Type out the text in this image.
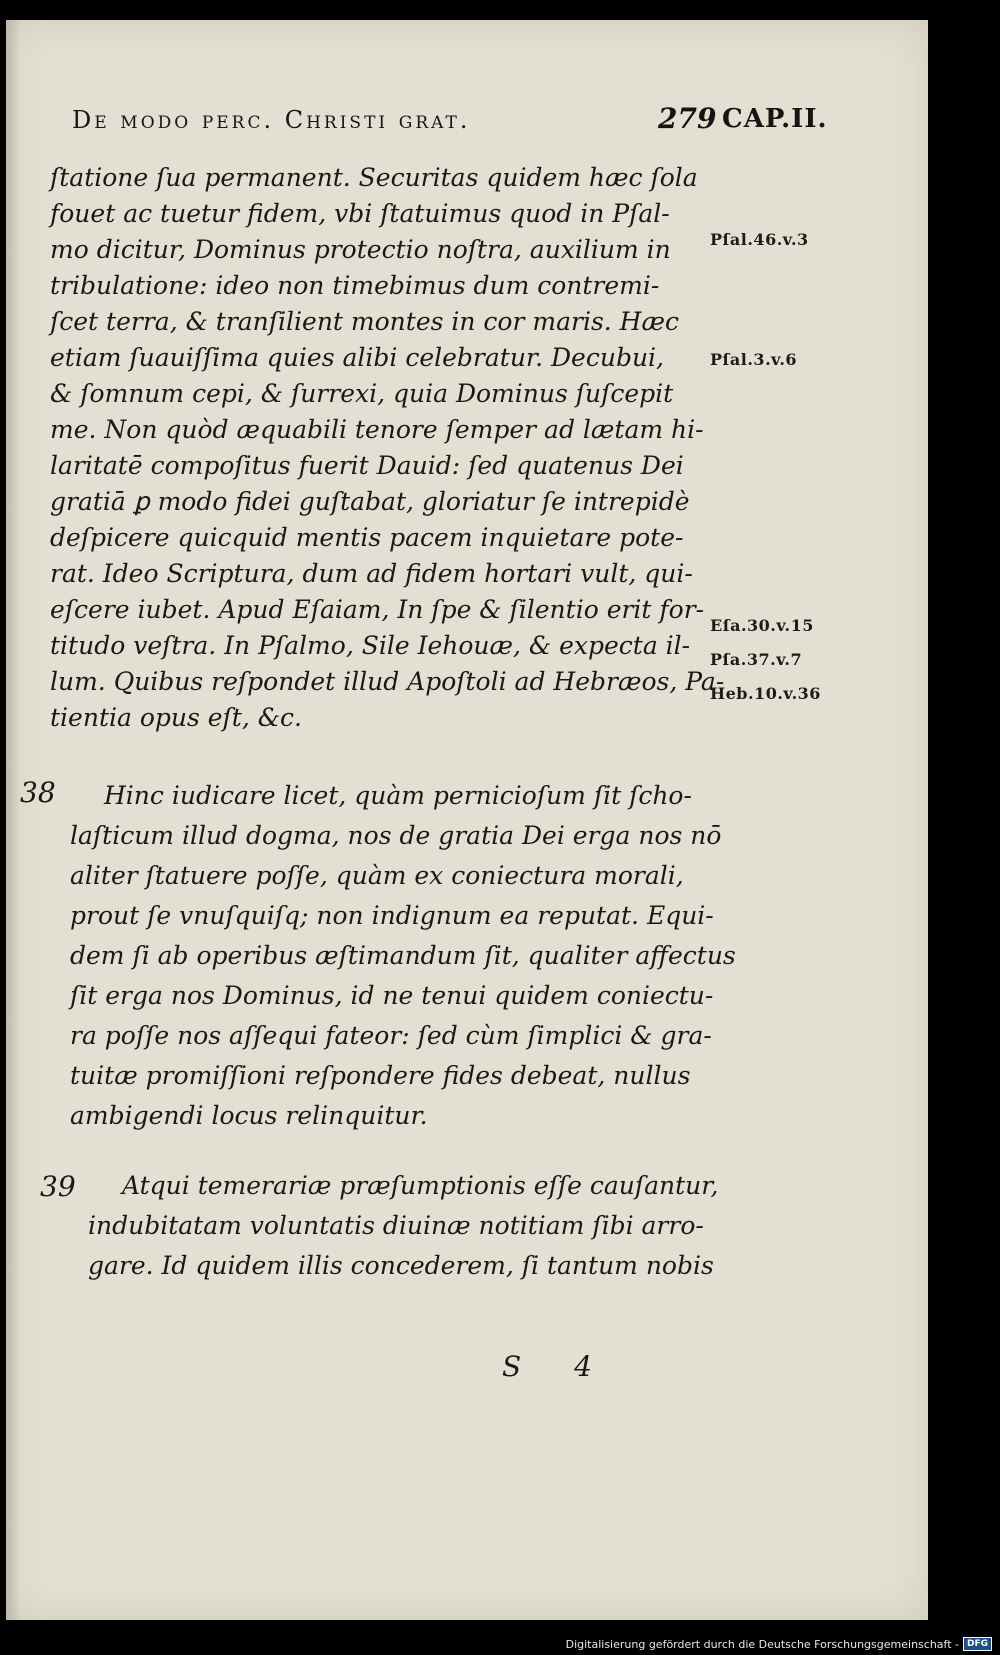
De modo perc. Christi grat.	279 CAP.II.
ſtatione ſua permanent. Securitas quidem hæc ſola
fouet ac tuetur fidem, vbi ſtatuimus quod in Pſal-
mo dicitur, Dominus protectio noſtra, auxilium in
tribulatione: ideo non timebimus dum contremi-
ſcet terra, & tranſilient montes in cor maris. Hæc
etiam ſuauiſſima quies alibi celebratur. Decubui,
& ſomnum cepi, & ſurrexi, quia Dominus ſuſcepit
me. Non quòd æquabili tenore ſemper ad lætam hi-
laritatē compoſitus fuerit Dauid: ſed quatenus Dei
gratiā ꝑ modo fidei guſtabat, gloriatur ſe intrepidè
deſpicere quicquid mentis pacem inquietare pote-
rat. Ideo Scriptura, dum ad fidem hortari vult, qui-
eſcere iubet. Apud Eſaiam, In ſpe & ſilentio erit for-
titudo veſtra. In Pſalmo, Sile Iehouæ, & expecta il-
lum. Quibus reſpondet illud Apoſtoli ad Hebræos, Pa-
tientia opus eſt, &c.
38 Hinc iudicare licet, quàm pernicioſum ſit ſcho-
laſticum illud dogma, nos de gratia Dei erga nos nō
aliter ſtatuere poſſe, quàm ex coniectura morali,
prout ſe vnuſquiſq; non indignum ea reputat. Equi-
dem ſi ab operibus æſtimandum ſit, qualiter affectus
ſit erga nos Dominus, id ne tenui quidem coniectu-
ra poſſe nos aſſequi fateor: ſed cùm ſimplici & gra-
tuitæ promiſſioni reſpondere fides debeat, nullus
ambigendi locus relinquitur.
39 Atqui temerariæ præſumptionis eſſe cauſantur,
indubitatam voluntatis diuinæ notitiam ſibi arro-
gare. Id quidem illis concederem, ſi tantum nobis
Pſal.46.v.3
Pſal.3.v.6
Eſa.30.v.15
Pſa.37.v.7
Heb.10.v.36
S 4
Digitalisierung gefördert durch die Deutsche Forschungsgemeinschaft - DFG
